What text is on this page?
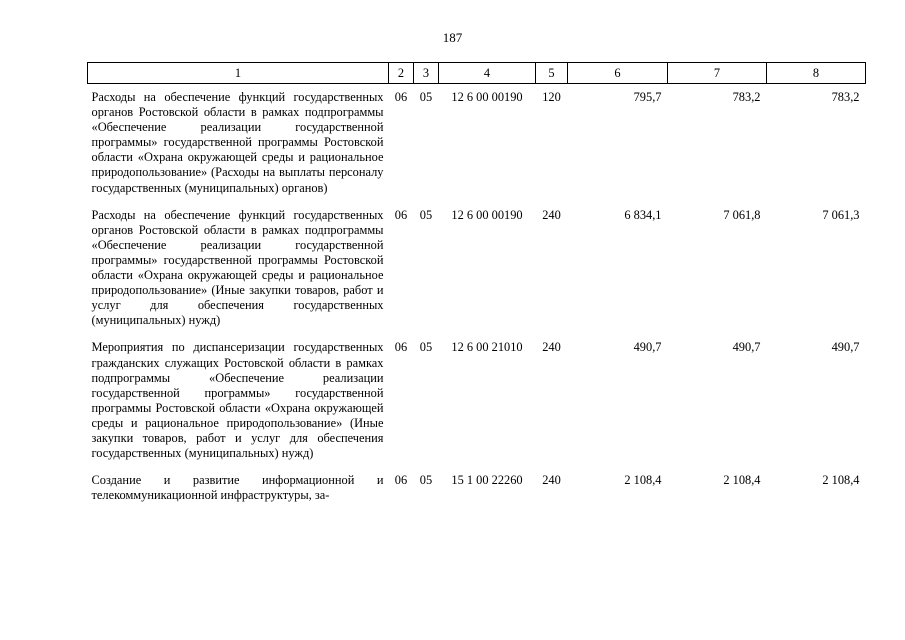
187
1	2	3	4	5	6	7	8
Расходы на обеспечение функций государственных органов Ростовской области в рамках подпрограммы «Обеспечение реализации государственной программы» государственной программы Ростовской области «Охрана окружающей среды и рациональное природопользование» (Расходы на выплаты персоналу государственных (муниципальных) органов)	06	05	12 6 00 00190	120	795,7	783,2	783,2
Расходы на обеспечение функций государственных органов Ростовской области в рамках подпрограммы «Обеспечение реализации государственной программы» государственной программы Ростовской области «Охрана окружающей среды и рациональное природопользование» (Иные закупки товаров, работ и услуг для обеспечения государственных (муниципальных) нужд)	06	05	12 6 00 00190	240	6 834,1	7 061,8	7 061,3
Мероприятия по диспансеризации государственных гражданских служащих Ростовской области в рамках подпрограммы «Обеспечение реализации государственной программы» государственной программы Ростовской области «Охрана окружающей среды и рациональное природопользование» (Иные закупки товаров, работ и услуг для обеспечения государственных (муниципальных) нужд)	06	05	12 6 00 21010	240	490,7	490,7	490,7
Создание и развитие информационной и телекоммуникационной инфраструктуры, за-	06	05	15 1 00 22260	240	2 108,4	2 108,4	2 108,4
